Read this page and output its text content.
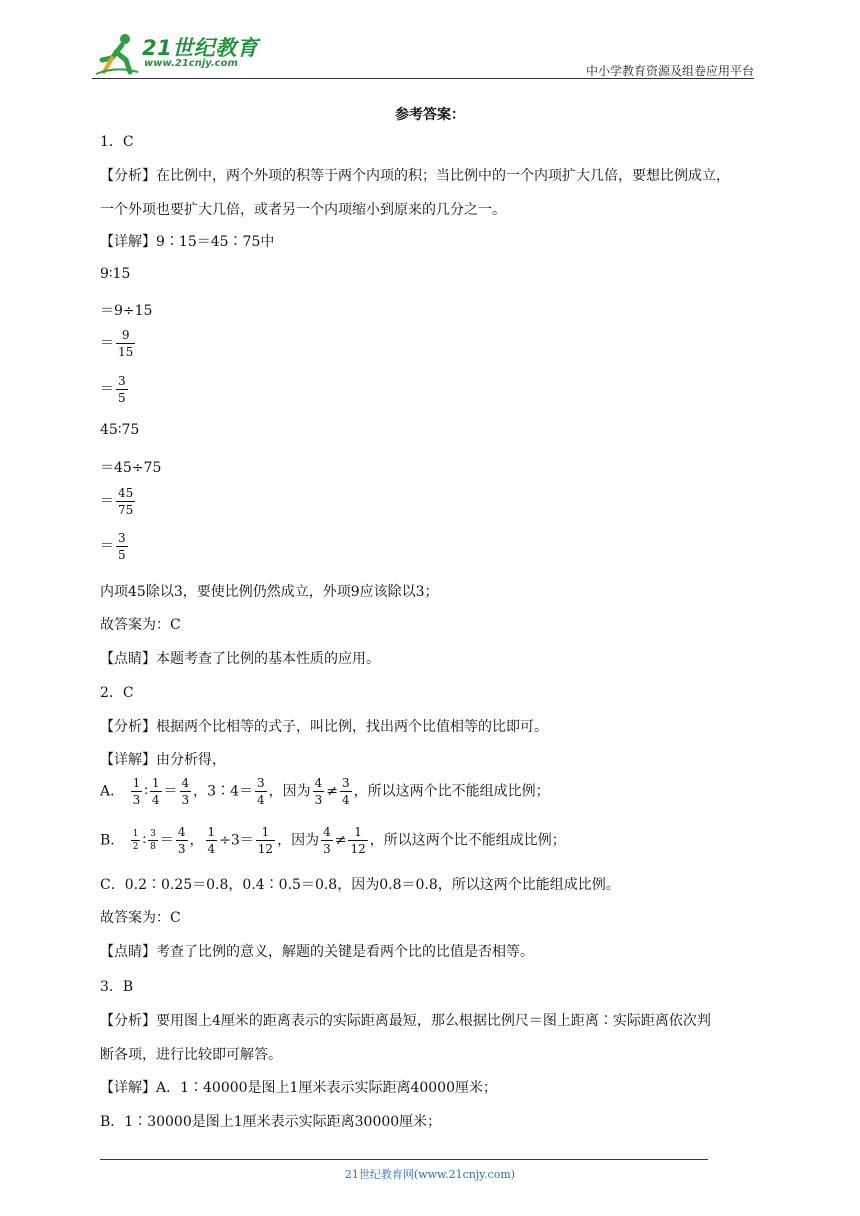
21世纪教育
www.21cnjy.com
中小学教育资源及组卷应用平台
参考答案：
1．C
【分析】在比例中，两个外项的积等于两个内项的积；当比例中的一个内项扩大几倍，要想比例成立，
一个外项也要扩大几倍，或者另一个内项缩小到原来的几分之一。
【详解】9∶15＝45∶75中
9∶15
＝9÷15
＝ $\frac{9}{15}$
＝ $\frac{3}{5}$
45∶75
＝45÷75
＝ $\frac{45}{75}$
＝ $\frac{3}{5}$
内项45除以3，要使比例仍然成立，外项9应该除以3；
故答案为：C
【点睛】本题考查了比例的基本性质的应用。
2．C
【分析】根据两个比相等的式子，叫比例，找出两个比值相等的比即可。
【详解】由分析得，
A． $\frac{1}{3}$ ∶ $\frac{1}{4} = \frac{4}{3}$ ，3∶4＝ $\frac{3}{4}$ ，因为 $\frac{4}{3} \ne \frac{3}{4}$ ，所以这两个比不能组成比例；
B． $\frac{1}{2}$ ∶ $\frac{3}{8} = \frac{4}{3}$ ， $\frac{1}{4} \div 3= \frac{1}{12}$ ，因为 $\frac{4}{3} \ne \frac{1}{12}$ ，所以这两个比不能组成比例；
C．0.2∶0.25＝0.8，0.4∶0.5＝0.8，因为0.8＝0.8，所以这两个比能组成比例。
故答案为：C
【点睛】考查了比例的意义，解题的关键是看两个比的比值是否相等。
3．B
【分析】要用图上4厘米的距离表示的实际距离最短，那么根据比例尺＝图上距离∶实际距离依次判
断各项，进行比较即可解答。
【详解】A．1∶40000是图上1厘米表示实际距离40000厘米；
B．1∶30000是图上1厘米表示实际距离30000厘米；
21世纪教育网(www.21cnjy.com)
